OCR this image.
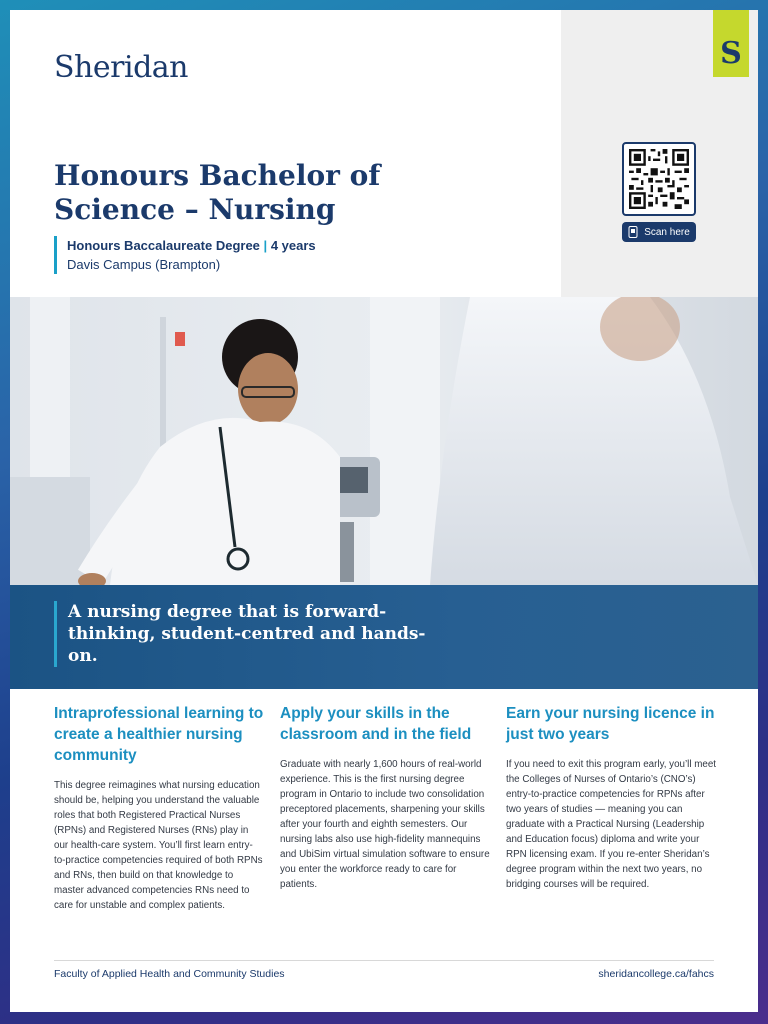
S
Sheridan
Honours Bachelor of Science – Nursing
Honours Baccalaureate Degree | 4 years
Davis Campus (Brampton)
Scan here
A nursing degree that is forward-thinking, student-centred and hands-on.
Intraprofessional learning to create a healthier nursing community

This degree reimagines what nursing education should be, helping you understand the valuable roles that both Registered Practical Nurses (RPNs) and Registered Nurses (RNs) play in our health-care system. You’ll first learn entry-to-practice competencies required of both RPNs and RNs, then build on that knowledge to master advanced competencies RNs need to care for unstable and complex patients.

Apply your skills in the classroom and in the field

Graduate with nearly 1,600 hours of real-world experience. This is the first nursing degree program in Ontario to include two consolidation preceptored placements, sharpening your skills after your fourth and eighth semesters. Our nursing labs also use high-fidelity mannequins and UbiSim virtual simulation software to ensure you enter the workforce ready to care for patients.

Earn your nursing licence in just two years

If you need to exit this program early, you’ll meet the Colleges of Nurses of Ontario’s (CNO’s) entry-to-practice competencies for RPNs after two years of studies — meaning you can graduate with a Practical Nursing (Leadership and Education focus) diploma and write your RPN licensing exam. If you re-enter Sheridan’s degree program within the next two years, no bridging courses will be required.

Faculty of Applied Health and Community Studies	sheridancollege.ca/fahcs
